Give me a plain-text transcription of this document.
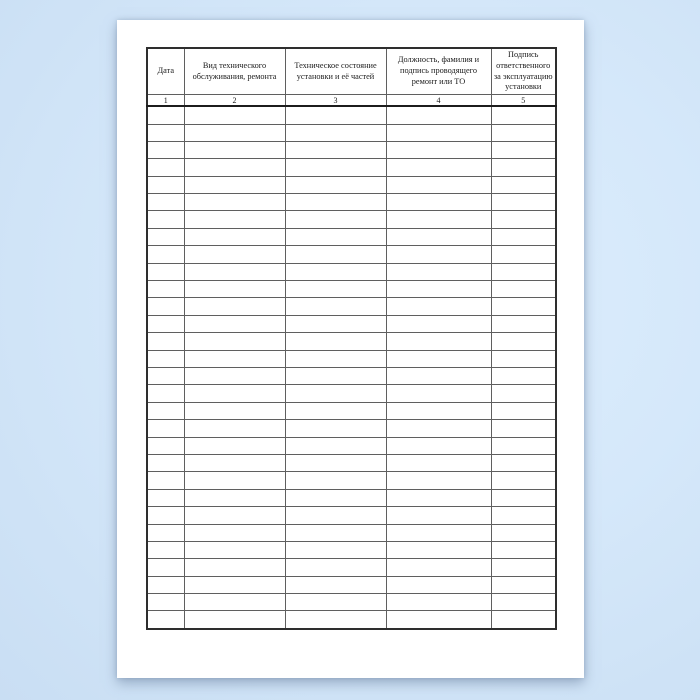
Дата	Вид технического обслуживания, ремонта	Техническое состояние установки и её частей	Должность, фамилия и подпись проводящего ремонт или ТО	Подпись ответственного за эксплуатацию установки
1	2	3	4	5
